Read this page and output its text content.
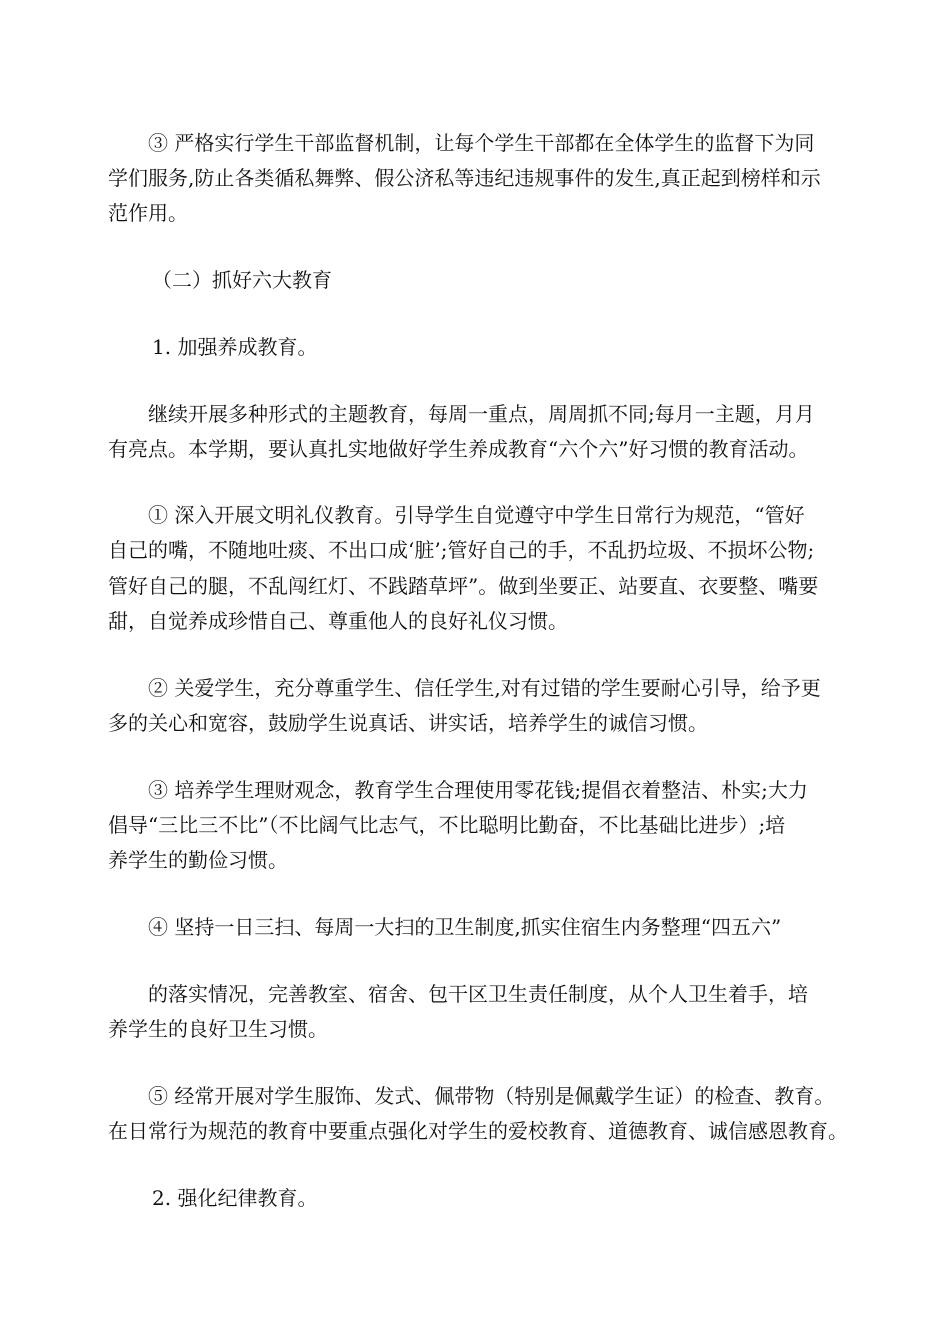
③ 严格实行学生干部监督机制，让每个学生干部都在全体学生的监督下为同
学们服务,防止各类循私舞弊、假公济私等违纪违规事件的发生,真正起到榜样和示
范作用。
（二）抓好六大教育
1. 加强养成教育。
继续开展多种形式的主题教育，每周一重点，周周抓不同;每月一主题，月月
有亮点。本学期，要认真扎实地做好学生养成教育“六个六”好习惯的教育活动。
① 深入开展文明礼仪教育。引导学生自觉遵守中学生日常行为规范，“管好
自己的嘴，不随地吐痰、不出口成‘脏’;管好自己的手，不乱扔垃圾、不损坏公物;
管好自己的腿，不乱闯红灯、不践踏草坪”。做到坐要正、站要直、衣要整、嘴要
甜，自觉养成珍惜自己、尊重他人的良好礼仪习惯。
② 关爱学生，充分尊重学生、信任学生,对有过错的学生要耐心引导，给予更
多的关心和宽容，鼓励学生说真话、讲实话，培养学生的诚信习惯。
③ 培养学生理财观念，教育学生合理使用零花钱;提倡衣着整洁、朴实;大力
倡导“三比三不比”（不比阔气比志气，不比聪明比勤奋，不比基础比进步）;培
养学生的勤俭习惯。
④ 坚持一日三扫、每周一大扫的卫生制度,抓实住宿生内务整理“四五六”
的落实情况，完善教室、宿舍、包干区卫生责任制度，从个人卫生着手，培
养学生的良好卫生习惯。
⑤ 经常开展对学生服饰、发式、佩带物（特别是佩戴学生证）的检查、教育。
在日常行为规范的教育中要重点强化对学生的爱校教育、道德教育、诚信感恩教育。
2. 强化纪律教育。
